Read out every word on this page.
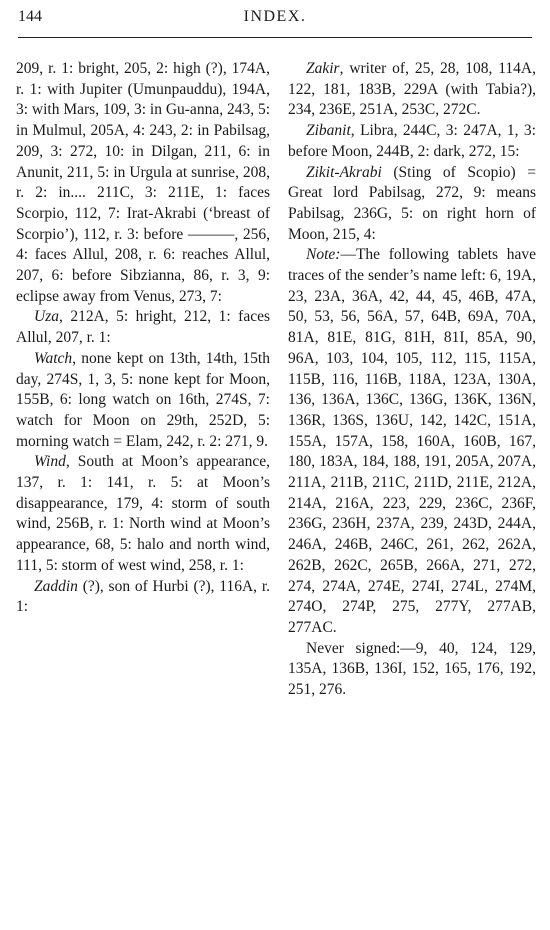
144	INDEX.

209, r. 1: bright, 205, 2: high (?), 174A, r. 1: with Jupiter (Umunpauddu), 194A, 3: with Mars, 109, 3: in Gu-anna, 243, 5: in Mulmul, 205A, 4: 243, 2: in Pabilsag, 209, 3: 272, 10: in Dilgan, 211, 6: in Anunit, 211, 5: in Urgula at sunrise, 208, r. 2: in.... 211C, 3: 211E, 1: faces Scorpio, 112, 7: Irat-Akrabi (‘breast of Scorpio’), 112, r. 3: before ———, 256, 4: faces Allul, 208, r. 6: reaches Allul, 207, 6: before Sibzianna, 86, r. 3, 9: eclipse away from Venus, 273, 7:

Uza, 212A, 5: hright, 212, 1: faces Allul, 207, r. 1:

Watch, none kept on 13th, 14th, 15th day, 274S, 1, 3, 5: none kept for Moon, 155B, 6: long watch on 16th, 274S, 7: watch for Moon on 29th, 252D, 5: morning watch = Elam, 242, r. 2: 271, 9.

Wind, South at Moon’s appearance, 137, r. 1: 141, r. 5: at Moon’s disappearance, 179, 4: storm of south wind, 256B, r. 1: North wind at Moon’s appearance, 68, 5: halo and north wind, 111, 5: storm of west wind, 258, r. 1:

Zaddin (?), son of Hurbi (?), 116A, r. 1:

Zakir, writer of, 25, 28, 108, 114A, 122, 181, 183B, 229A (with Tabia?), 234, 236E, 251A, 253C, 272C.

Zibanit, Libra, 244C, 3: 247A, 1, 3: before Moon, 244B, 2: dark, 272, 15:

Zikit-Akrabi (Sting of Scopio) = Great lord Pabilsag, 272, 9: means Pabilsag, 236G, 5: on right horn of Moon, 215, 4:

Note:—The following tablets have traces of the sender’s name left: 6, 19A, 23, 23A, 36A, 42, 44, 45, 46B, 47A, 50, 53, 56, 56A, 57, 64B, 69A, 70A, 81A, 81E, 81G, 81H, 81I, 85A, 90, 96A, 103, 104, 105, 112, 115, 115A, 115B, 116, 116B, 118A, 123A, 130A, 136, 136A, 136C, 136G, 136K, 136N, 136R, 136S, 136U, 142, 142C, 151A, 155A, 157A, 158, 160A, 160B, 167, 180, 183A, 184, 188, 191, 205A, 207A, 211A, 211B, 211C, 211D, 211E, 212A, 214A, 216A, 223, 229, 236C, 236F, 236G, 236H, 237A, 239, 243D, 244A, 246A, 246B, 246C, 261, 262, 262A, 262B, 262C, 265B, 266A, 271, 272, 274, 274A, 274E, 274I, 274L, 274M, 274O, 274P, 275, 277Y, 277AB, 277AC.

Never signed:—9, 40, 124, 129, 135A, 136B, 136I, 152, 165, 176, 192, 251, 276.
